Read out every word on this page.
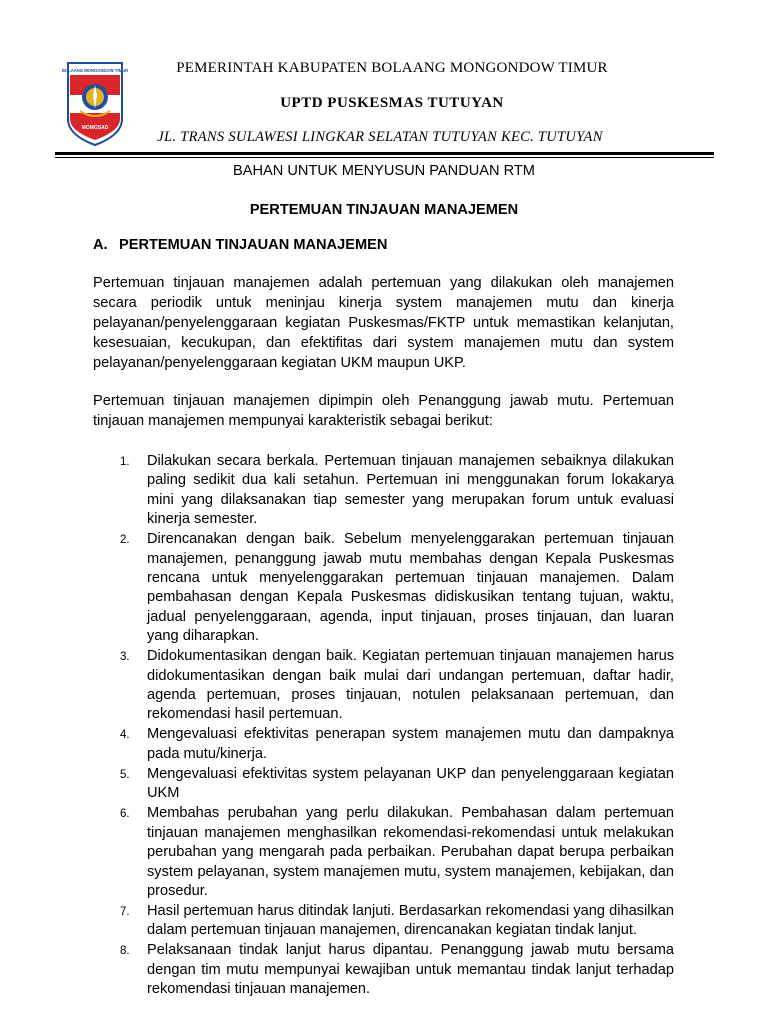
BOLAANG MONGONDOW TIMUR
MOMOSAD
PEMERINTAH KABUPATEN BOLAANG MONGONDOW TIMUR
UPTD PUSKESMAS TUTUYAN
JL. TRANS SULAWESI LINGKAR SELATAN TUTUYAN KEC. TUTUYAN
BAHAN UNTUK MENYUSUN PANDUAN RTM
PERTEMUAN TINJAUAN MANAJEMEN
A. PERTEMUAN TINJAUAN MANAJEMEN

Pertemuan tinjauan manajemen adalah pertemuan yang dilakukan oleh manajemen secara periodik untuk meninjau kinerja system manajemen mutu dan kinerja pelayanan/penyelenggaraan kegiatan Puskesmas/FKTP untuk memastikan kelanjutan, kesesuaian, kecukupan, dan efektifitas dari system manajemen mutu dan system pelayanan/penyelenggaraan kegiatan UKM maupun UKP.

Pertemuan tinjauan manajemen dipimpin oleh Penanggung jawab mutu. Pertemuan tinjauan manajemen mempunyai karakteristik sebagai berikut:

1. Dilakukan secara berkala. Pertemuan tinjauan manajemen sebaiknya dilakukan paling sedikit dua kali setahun. Pertemuan ini menggunakan forum lokakarya mini yang dilaksanakan tiap semester yang merupakan forum untuk evaluasi kinerja semester.
2. Direncanakan dengan baik. Sebelum menyelenggarakan pertemuan tinjauan manajemen, penanggung jawab mutu membahas dengan Kepala Puskesmas rencana untuk menyelenggarakan pertemuan tinjauan manajemen. Dalam pembahasan dengan Kepala Puskesmas didiskusikan tentang tujuan, waktu, jadual penyelenggaraan, agenda, input tinjauan, proses tinjauan, dan luaran yang diharapkan.
3. Didokumentasikan dengan baik. Kegiatan pertemuan tinjauan manajemen harus didokumentasikan dengan baik mulai dari undangan pertemuan, daftar hadir, agenda pertemuan, proses tinjauan, notulen pelaksanaan pertemuan, dan rekomendasi hasil pertemuan.
4. Mengevaluasi efektivitas penerapan system manajemen mutu dan dampaknya pada mutu/kinerja.
5. Mengevaluasi efektivitas system pelayanan UKP dan penyelenggaraan kegiatan UKM
6. Membahas perubahan yang perlu dilakukan. Pembahasan dalam pertemuan tinjauan manajemen menghasilkan rekomendasi-rekomendasi untuk melakukan perubahan yang mengarah pada perbaikan. Perubahan dapat berupa perbaikan system pelayanan, system manajemen mutu, system manajemen, kebijakan, dan prosedur.
7. Hasil pertemuan harus ditindak lanjuti. Berdasarkan rekomendasi yang dihasilkan dalam pertemuan tinjauan manajemen, direncanakan kegiatan tindak lanjut.
8. Pelaksanaan tindak lanjut harus dipantau. Penanggung jawab mutu bersama dengan tim mutu mempunyai kewajiban untuk memantau tindak lanjut terhadap rekomendasi tinjauan manajemen.
